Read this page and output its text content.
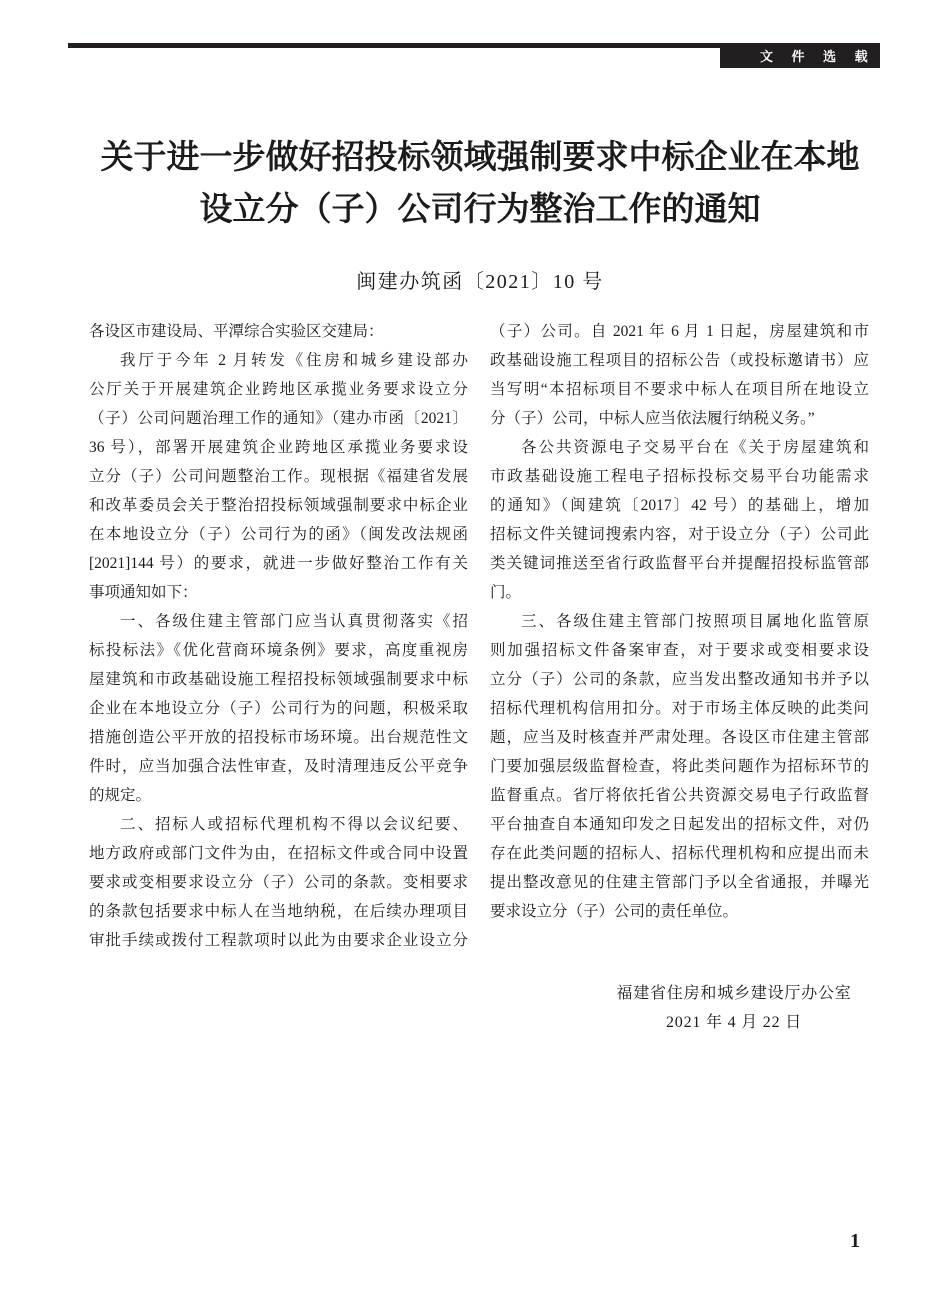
文 件 选 载
关于进一步做好招投标领域强制要求中标企业在本地
设立分（子）公司行为整治工作的通知
闽建办筑函〔2021〕10 号
各设区市建设局、平潭综合实验区交建局：
我厅于今年 2 月转发《住房和城乡建设部办
公厅关于开展建筑企业跨地区承揽业务要求设立分
（子）公司问题治理工作的通知》（建办市函〔2021〕
36 号），部署开展建筑企业跨地区承揽业务要求设
立分（子）公司问题整治工作。现根据《福建省发展
和改革委员会关于整治招投标领域强制要求中标企业
在本地设立分（子）公司行为的函》（闽发改法规函
[2021]144 号）的要求，就进一步做好整治工作有关
事项通知如下：
一、各级住建主管部门应当认真贯彻落实《招
标投标法》《优化营商环境条例》要求，高度重视房
屋建筑和市政基础设施工程招投标领域强制要求中标
企业在本地设立分（子）公司行为的问题，积极采取
措施创造公平开放的招投标市场环境。出台规范性文
件时，应当加强合法性审查，及时清理违反公平竞争
的规定。
二、招标人或招标代理机构不得以会议纪要、
地方政府或部门文件为由，在招标文件或合同中设置
要求或变相要求设立分（子）公司的条款。变相要求
的条款包括要求中标人在当地纳税，在后续办理项目
审批手续或拨付工程款项时以此为由要求企业设立分
（子）公司。自 2021 年 6 月 1 日起，房屋建筑和市
政基础设施工程项目的招标公告（或投标邀请书）应
当写明“本招标项目不要求中标人在项目所在地设立
分（子）公司，中标人应当依法履行纳税义务。”
各公共资源电子交易平台在《关于房屋建筑和
市政基础设施工程电子招标投标交易平台功能需求
的通知》（闽建筑〔2017〕42 号）的基础上，增加
招标文件关键词搜索内容，对于设立分（子）公司此
类关键词推送至省行政监督平台并提醒招投标监管部
门。
三、各级住建主管部门按照项目属地化监管原
则加强招标文件备案审查，对于要求或变相要求设
立分（子）公司的条款，应当发出整改通知书并予以
招标代理机构信用扣分。对于市场主体反映的此类问
题，应当及时核查并严肃处理。各设区市住建主管部
门要加强层级监督检查，将此类问题作为招标环节的
监督重点。省厅将依托省公共资源交易电子行政监督
平台抽查自本通知印发之日起发出的招标文件，对仍
存在此类问题的招标人、招标代理机构和应提出而未
提出整改意见的住建主管部门予以全省通报，并曝光
要求设立分（子）公司的责任单位。
福建省住房和城乡建设厅办公室
2021 年 4 月 22 日
1
